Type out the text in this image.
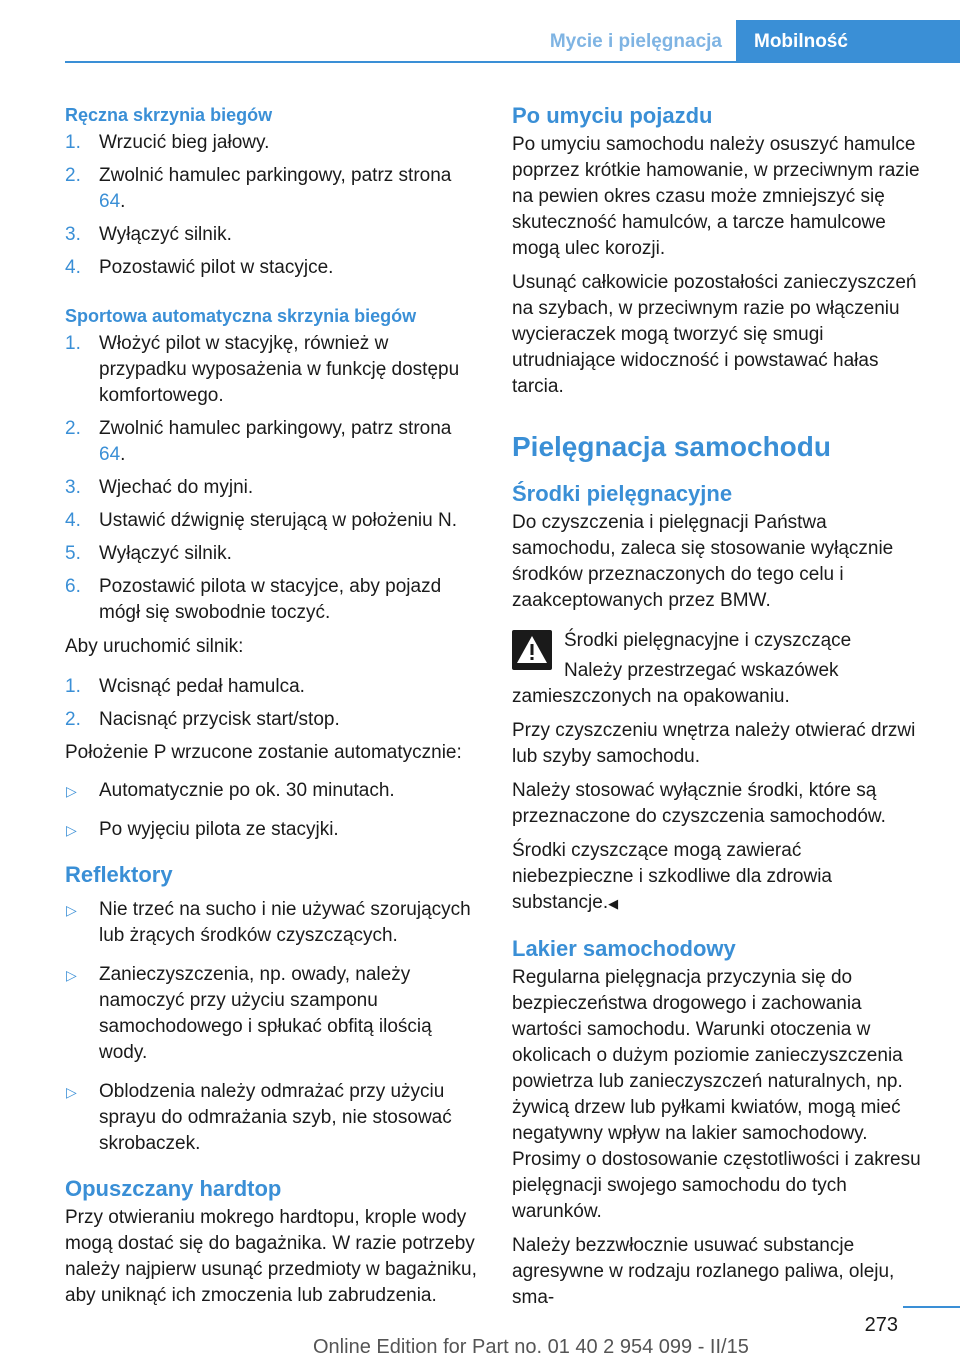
Mycie i pielęgnacja	Mobilność
Ręczna skrzynia biegów
1. Wrzucić bieg jałowy.
2. Zwolnić hamulec parkingowy, patrz strona 64.
3. Wyłączyć silnik.
4. Pozostawić pilot w stacyjce.
Sportowa automatyczna skrzynia biegów
1. Włożyć pilot w stacyjkę, również w przypadku wyposażenia w funkcję dostępu komfortowego.
2. Zwolnić hamulec parkingowy, patrz strona 64.
3. Wjechać do myjni.
4. Ustawić dźwignię sterującą w położeniu N.
5. Wyłączyć silnik.
6. Pozostawić pilota w stacyjce, aby pojazd mógł się swobodnie toczyć.

Aby uruchomić silnik:

1. Wcisnąć pedał hamulca.
2. Nacisnąć przycisk start/stop.

Położenie P wrzucone zostanie automatycznie:

▷ Automatycznie po ok. 30 minutach.
▷ Po wyjęciu pilota ze stacyjki.
Reflektory
▷ Nie trzeć na sucho i nie używać szorujących lub żrących środków czyszczących.
▷ Zanieczyszczenia, np. owady, należy namoczyć przy użyciu szamponu samochodowego i spłukać obfitą ilością wody.
▷ Oblodzenia należy odmrażać przy użyciu sprayu do odmrażania szyb, nie stosować skrobaczek.
Opuszczany hardtop

Przy otwieraniu mokrego hardtopu, krople wody mogą dostać się do bagażnika. W razie potrzeby należy najpierw usunąć przedmioty w bagażniku, aby uniknąć ich zmoczenia lub zabrudzenia.

Po umyciu pojazdu

Po umyciu samochodu należy osuszyć hamulce poprzez krótkie hamowanie, w przeciwnym razie na pewien okres czasu może zmniejszyć się skuteczność hamulców, a tarcze hamulcowe mogą ulec korozji.

Usunąć całkowicie pozostałości zanieczyszczeń na szybach, w przeciwnym razie po włączeniu wycieraczek mogą tworzyć się smugi utrudniające widoczność i powstawać hałas tarcia.

Pielęgnacja samochodu
Środki pielęgnacyjne

Do czyszczenia i pielęgnacji Państwa samochodu, zaleca się stosowanie wyłącznie środków przeznaczonych do tego celu i zaakceptowanych przez BMW.

Środki pielęgnacyjne i czyszczące

Należy przestrzegać wskazówek zamieszczonych na opakowaniu.

Przy czyszczeniu wnętrza należy otwierać drzwi lub szyby samochodu.

Należy stosować wyłącznie środki, które są przeznaczone do czyszczenia samochodów.

Środki czyszczące mogą zawierać niebezpieczne i szkodliwe dla zdrowia substancje.◀

Lakier samochodowy

Regularna pielęgnacja przyczynia się do bezpieczeństwa drogowego i zachowania wartości samochodu. Warunki otoczenia w okolicach o dużym poziomie zanieczyszczenia powietrza lub zanieczyszczeń naturalnych, np. żywicą drzew lub pyłkami kwiatów, mogą mieć negatywny wpływ na lakier samochodowy. Prosimy o dostosowanie częstotliwości i zakresu pielęgnacji swojego samochodu do tych warunków.

Należy bezzwłocznie usuwać substancje agresywne w rodzaju rozlanego paliwa, oleju, sma-

273
Online Edition for Part no. 01 40 2 954 099 - II/15
